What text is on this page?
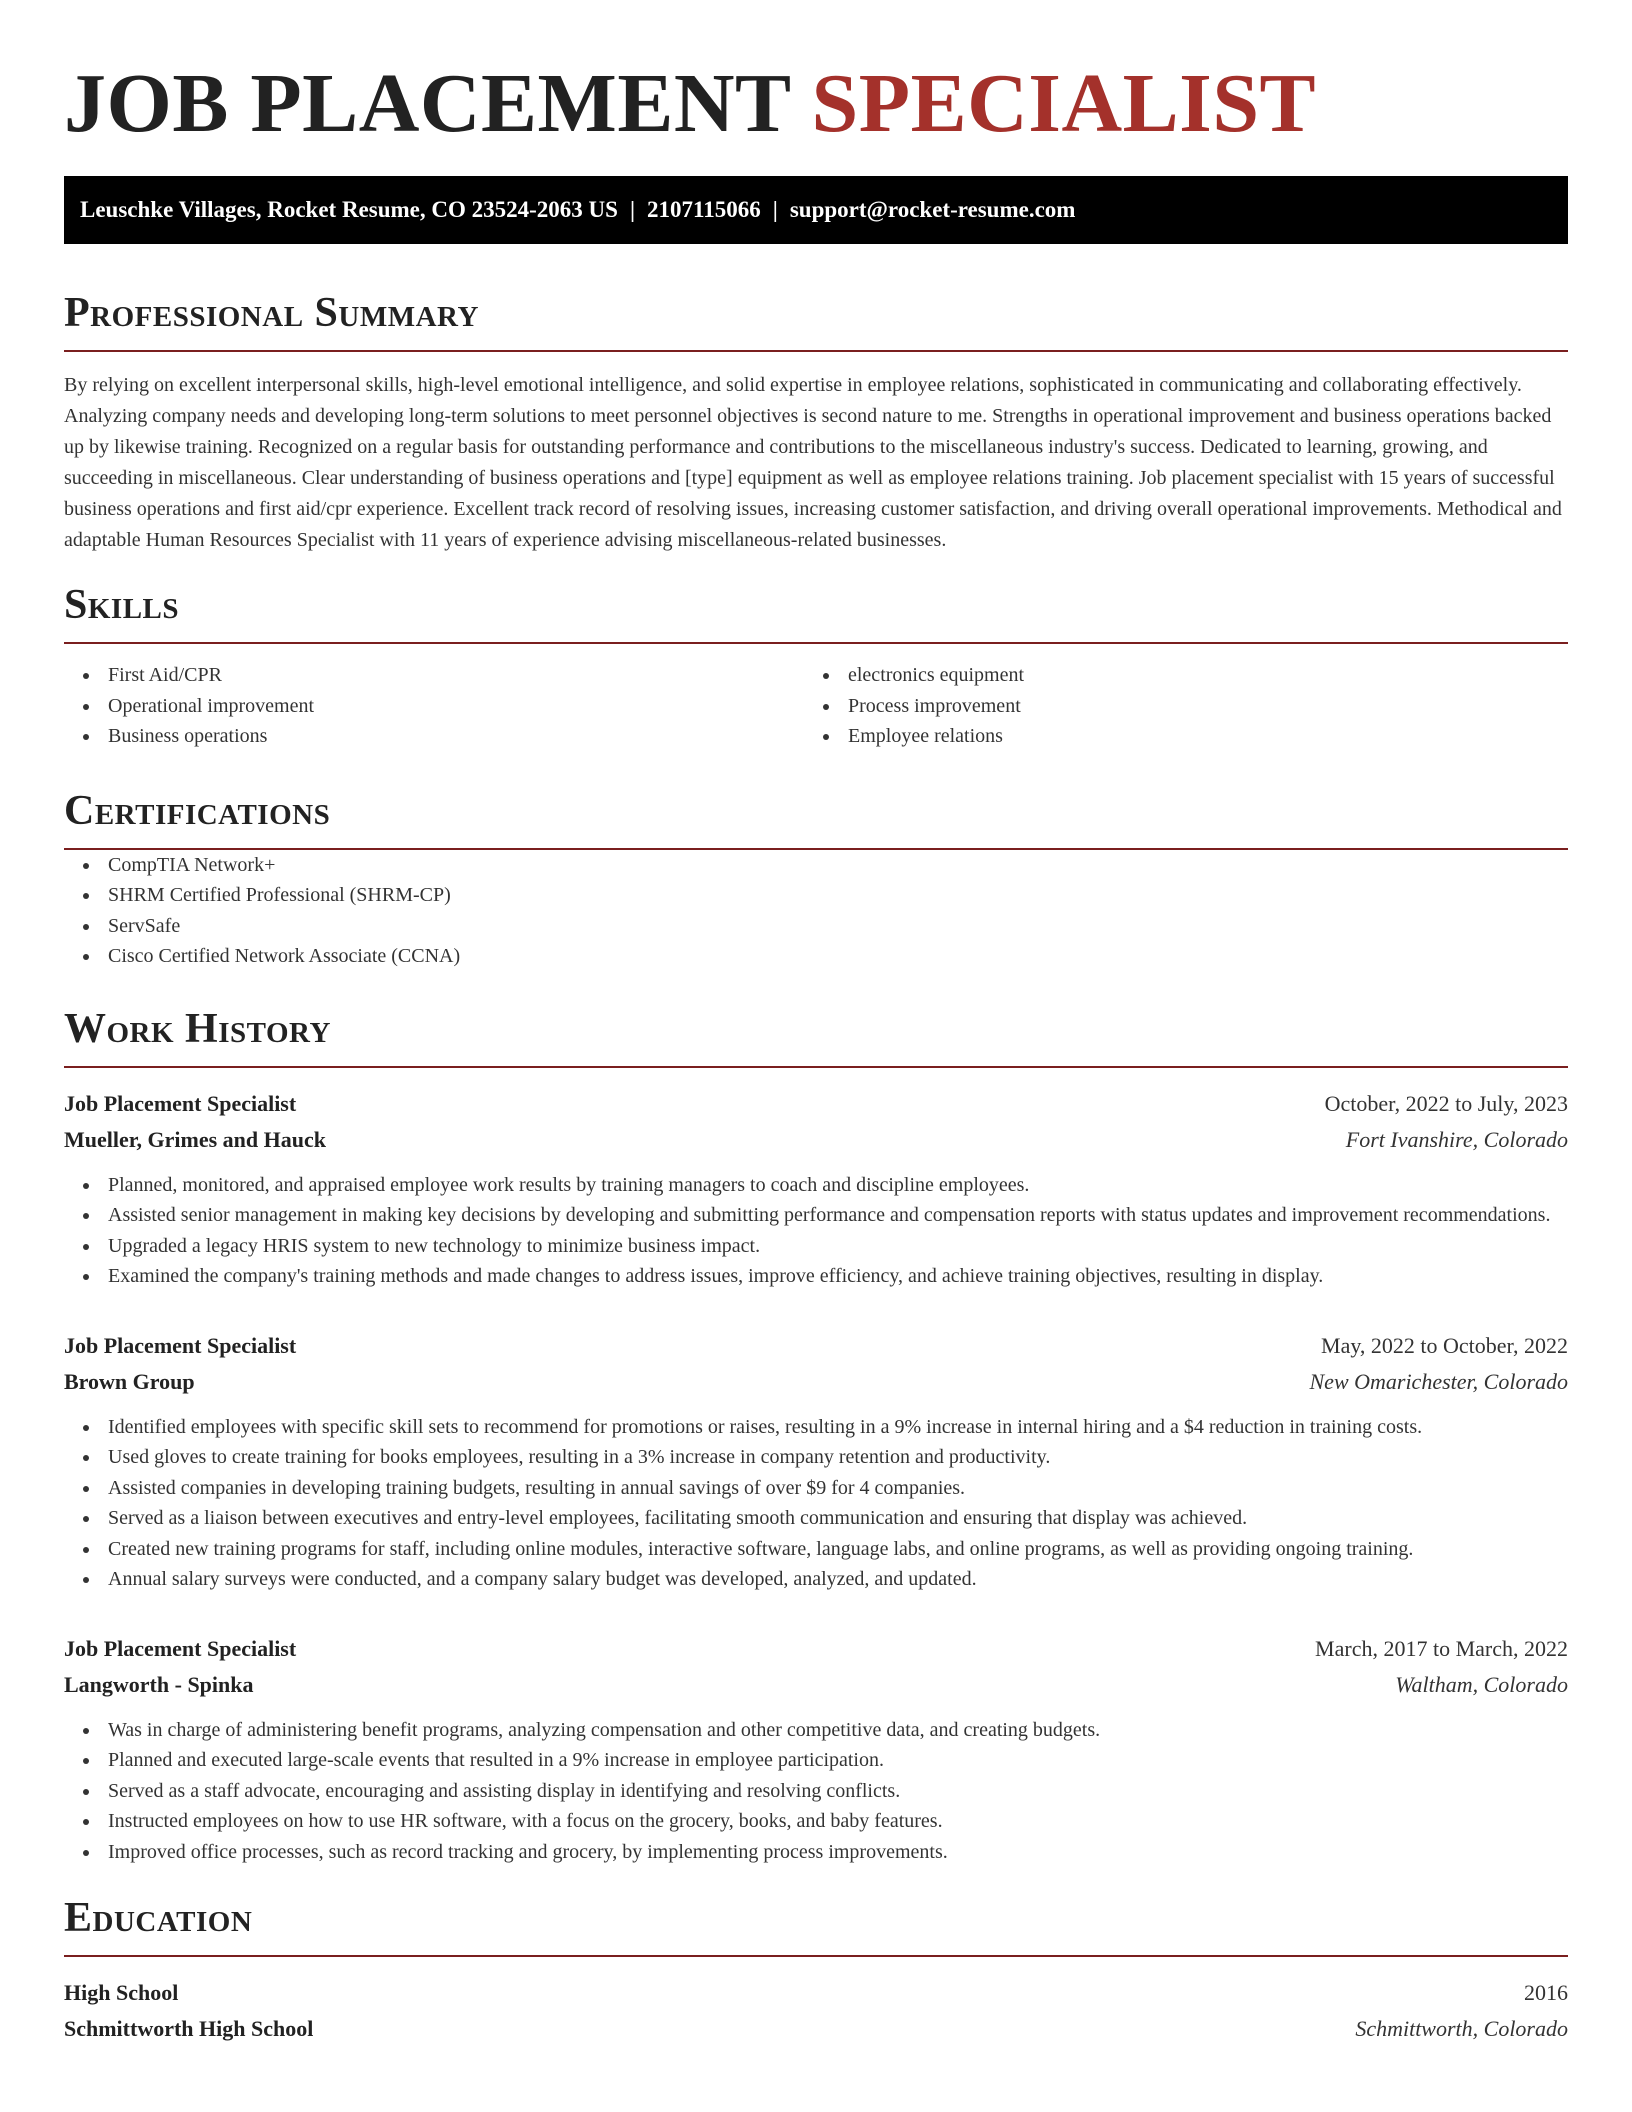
JOB PLACEMENT SPECIALIST
Leuschke Villages, Rocket Resume, CO 23524-2063 US | 2107115066 | support@rocket-resume.com
Professional Summary

By relying on excellent interpersonal skills, high-level emotional intelligence, and solid expertise in employee relations, sophisticated in communicating and collaborating effectively. Analyzing company needs and developing long-term solutions to meet personnel objectives is second nature to me. Strengths in operational improvement and business operations backed up by likewise training. Recognized on a regular basis for outstanding performance and contributions to the miscellaneous industry's success. Dedicated to learning, growing, and succeeding in miscellaneous. Clear understanding of business operations and [type] equipment as well as employee relations training. Job placement specialist with 15 years of successful business operations and first aid/cpr experience. Excellent track record of resolving issues, increasing customer satisfaction, and driving overall operational improvements. Methodical and adaptable Human Resources Specialist with 11 years of experience advising miscellaneous-related businesses.

Skills
First Aid/CPR
Operational improvement
Business operations
electronics equipment
Process improvement
Employee relations
Certifications
CompTIA Network+
SHRM Certified Professional (SHRM-CP)
ServSafe
Cisco Certified Network Associate (CCNA)
Work History
Job Placement Specialist	October, 2022 to July, 2023
Mueller, Grimes and Hauck	Fort Ivanshire, Colorado
Planned, monitored, and appraised employee work results by training managers to coach and discipline employees.
Assisted senior management in making key decisions by developing and submitting performance and compensation reports with status updates and improvement recommendations.
Upgraded a legacy HRIS system to new technology to minimize business impact.
Examined the company's training methods and made changes to address issues, improve efficiency, and achieve training objectives, resulting in display.
Job Placement Specialist	May, 2022 to October, 2022
Brown Group	New Omarichester, Colorado
Identified employees with specific skill sets to recommend for promotions or raises, resulting in a 9% increase in internal hiring and a $4 reduction in training costs.
Used gloves to create training for books employees, resulting in a 3% increase in company retention and productivity.
Assisted companies in developing training budgets, resulting in annual savings of over $9 for 4 companies.
Served as a liaison between executives and entry-level employees, facilitating smooth communication and ensuring that display was achieved.
Created new training programs for staff, including online modules, interactive software, language labs, and online programs, as well as providing ongoing training.
Annual salary surveys were conducted, and a company salary budget was developed, analyzed, and updated.
Job Placement Specialist	March, 2017 to March, 2022
Langworth - Spinka	Waltham, Colorado
Was in charge of administering benefit programs, analyzing compensation and other competitive data, and creating budgets.
Planned and executed large-scale events that resulted in a 9% increase in employee participation.
Served as a staff advocate, encouraging and assisting display in identifying and resolving conflicts.
Instructed employees on how to use HR software, with a focus on the grocery, books, and baby features.
Improved office processes, such as record tracking and grocery, by implementing process improvements.
Education
High School	2016
Schmittworth High School	Schmittworth, Colorado
